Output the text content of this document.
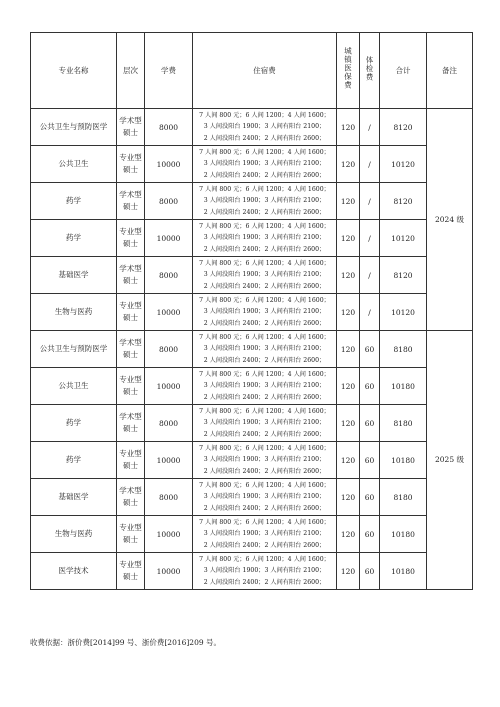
专业名称	层次	学费	住宿费	城镇医保费	体检费	合计	备注
公共卫生与预防医学	学术型硕士	8000	7 人间 800 元；6 人间 1200；4 人间 1600；
3 人间没阳台 1900；3 人间有阳台 2100；
2 人间没阳台 2400；2 人间有阳台 2600；	120	/	8120	2024 级
公共卫生	专业型硕士	10000	7 人间 800 元；6 人间 1200；4 人间 1600；
3 人间没阳台 1900；3 人间有阳台 2100；
2 人间没阳台 2400；2 人间有阳台 2600；	120	/	10120	
药学	学术型硕士	8000	7 人间 800 元；6 人间 1200；4 人间 1600；
3 人间没阳台 1900；3 人间有阳台 2100；
2 人间没阳台 2400；2 人间有阳台 2600；	120	/	8120	
药学	专业型硕士	10000	7 人间 800 元；6 人间 1200；4 人间 1600；
3 人间没阳台 1900；3 人间有阳台 2100；
2 人间没阳台 2400；2 人间有阳台 2600；	120	/	10120	
基础医学	学术型硕士	8000	7 人间 800 元；6 人间 1200；4 人间 1600；
3 人间没阳台 1900；3 人间有阳台 2100；
2 人间没阳台 2400；2 人间有阳台 2600；	120	/	8120	
生物与医药	专业型硕士	10000	7 人间 800 元；6 人间 1200；4 人间 1600；
3 人间没阳台 1900；3 人间有阳台 2100；
2 人间没阳台 2400；2 人间有阳台 2600；	120	/	10120	
公共卫生与预防医学	学术型硕士	8000	7 人间 800 元；6 人间 1200；4 人间 1600；
3 人间没阳台 1900；3 人间有阳台 2100；
2 人间没阳台 2400；2 人间有阳台 2600；	120	60	8180	2025 级
公共卫生	专业型硕士	10000	7 人间 800 元；6 人间 1200；4 人间 1600；
3 人间没阳台 1900；3 人间有阳台 2100；
2 人间没阳台 2400；2 人间有阳台 2600；	120	60	10180	
药学	学术型硕士	8000	7 人间 800 元；6 人间 1200；4 人间 1600；
3 人间没阳台 1900；3 人间有阳台 2100；
2 人间没阳台 2400；2 人间有阳台 2600；	120	60	8180	
药学	专业型硕士	10000	7 人间 800 元；6 人间 1200；4 人间 1600；
3 人间没阳台 1900；3 人间有阳台 2100；
2 人间没阳台 2400；2 人间有阳台 2600；	120	60	10180	
基础医学	学术型硕士	8000	7 人间 800 元；6 人间 1200；4 人间 1600；
3 人间没阳台 1900；3 人间有阳台 2100；
2 人间没阳台 2400；2 人间有阳台 2600；	120	60	8180	
生物与医药	专业型硕士	10000	7 人间 800 元；6 人间 1200；4 人间 1600；
3 人间没阳台 1900；3 人间有阳台 2100；
2 人间没阳台 2400；2 人间有阳台 2600；	120	60	10180	
医学技术	专业型硕士	10000	7 人间 800 元；6 人间 1200；4 人间 1600；
3 人间没阳台 1900；3 人间有阳台 2100；
2 人间没阳台 2400；2 人间有阳台 2600；	120	60	10180	
收费依据：浙价费[2014]99 号、浙价费[2016]209 号。
